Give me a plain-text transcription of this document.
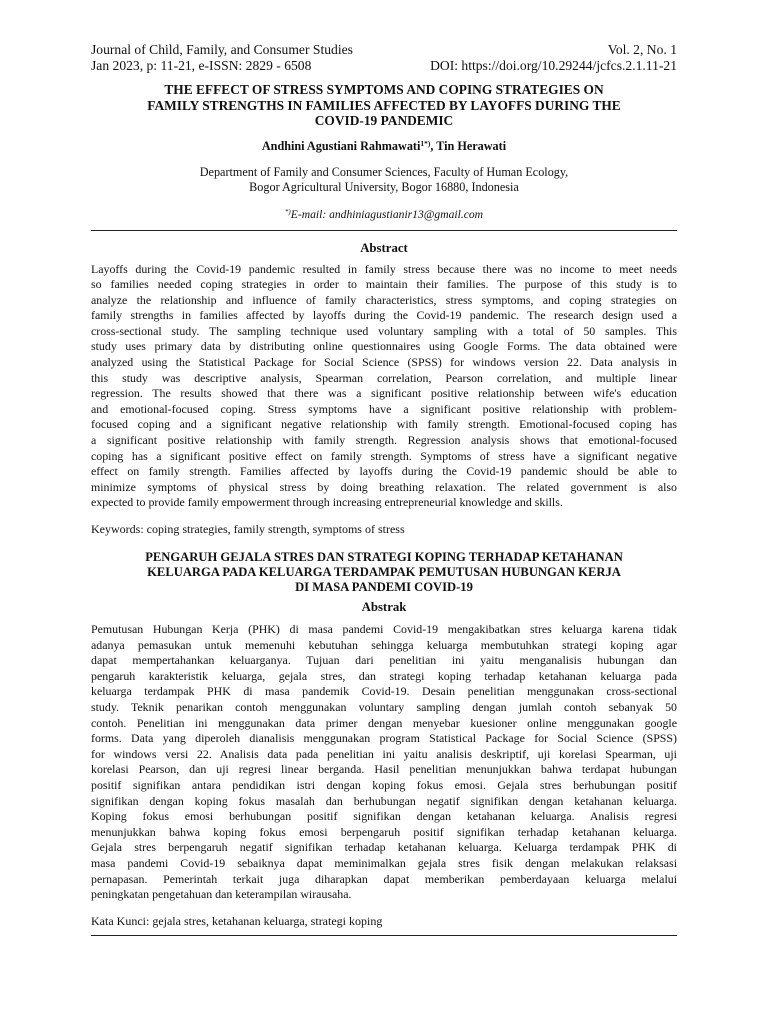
Journal of Child, Family, and Consumer Studies	Vol. 2, No. 1
Jan 2023, p: 11-21, e-ISSN: 2829 - 6508	DOI: https://doi.org/10.29244/jcfcs.2.1.11-21
THE EFFECT OF STRESS SYMPTOMS AND COPING STRATEGIES ON
FAMILY STRENGTHS IN FAMILIES AFFECTED BY LAYOFFS DURING THE
COVID-19 PANDEMIC
Andhini Agustiani Rahmawati$^{1*)}$, Tin Herawati
Department of Family and Consumer Sciences, Faculty of Human Ecology,
Bogor Agricultural University, Bogor 16880, Indonesia
*)E-mail: andhiniagustianir13@gmail.com
Abstract
Layoffs during the Covid-19 pandemic resulted in family stress because there was no income to meet needs
so families needed coping strategies in order to maintain their families. The purpose of this study is to
analyze the relationship and influence of family characteristics, stress symptoms, and coping strategies on
family strengths in families affected by layoffs during the Covid-19 pandemic. The research design used a
cross-sectional study. The sampling technique used voluntary sampling with a total of 50 samples. This
study uses primary data by distributing online questionnaires using Google Forms. The data obtained were
analyzed using the Statistical Package for Social Science (SPSS) for windows version 22. Data analysis in
this study was descriptive analysis, Spearman correlation, Pearson correlation, and multiple linear
regression. The results showed that there was a significant positive relationship between wife's education
and emotional-focused coping. Stress symptoms have a significant positive relationship with problem-
focused coping and a significant negative relationship with family strength. Emotional-focused coping has
a significant positive relationship with family strength. Regression analysis shows that emotional-focused
coping has a significant positive effect on family strength. Symptoms of stress have a significant negative
effect on family strength. Families affected by layoffs during the Covid-19 pandemic should be able to
minimize symptoms of physical stress by doing breathing relaxation. The related government is also
expected to provide family empowerment through increasing entrepreneurial knowledge and skills.
Keywords: coping strategies, family strength, symptoms of stress
PENGARUH GEJALA STRES DAN STRATEGI KOPING TERHADAP KETAHANAN
KELUARGA PADA KELUARGA TERDAMPAK PEMUTUSAN HUBUNGAN KERJA
DI MASA PANDEMI COVID-19
Abstrak
Pemutusan Hubungan Kerja (PHK) di masa pandemi Covid-19 mengakibatkan stres keluarga karena tidak
adanya pemasukan untuk memenuhi kebutuhan sehingga keluarga membutuhkan strategi koping agar
dapat mempertahankan keluarganya. Tujuan dari penelitian ini yaitu menganalisis hubungan dan
pengaruh karakteristik keluarga, gejala stres, dan strategi koping terhadap ketahanan keluarga pada
keluarga terdampak PHK di masa pandemik Covid-19. Desain penelitian menggunakan cross-sectional
study. Teknik penarikan contoh menggunakan voluntary sampling dengan jumlah contoh sebanyak 50
contoh. Penelitian ini menggunakan data primer dengan menyebar kuesioner online menggunakan google
forms. Data yang diperoleh dianalisis menggunakan program Statistical Package for Social Science (SPSS)
for windows versi 22. Analisis data pada penelitian ini yaitu analisis deskriptif, uji korelasi Spearman, uji
korelasi Pearson, dan uji regresi linear berganda. Hasil penelitian menunjukkan bahwa terdapat hubungan
positif signifikan antara pendidikan istri dengan koping fokus emosi. Gejala stres berhubungan positif
signifikan dengan koping fokus masalah dan berhubungan negatif signifikan dengan ketahanan keluarga.
Koping fokus emosi berhubungan positif signifikan dengan ketahanan keluarga. Analisis regresi
menunjukkan bahwa koping fokus emosi berpengaruh positif signifikan terhadap ketahanan keluarga.
Gejala stres berpengaruh negatif signifikan terhadap ketahanan keluarga. Keluarga terdampak PHK di
masa pandemi Covid-19 sebaiknya dapat meminimalkan gejala stres fisik dengan melakukan relaksasi
pernapasan. Pemerintah terkait juga diharapkan dapat memberikan pemberdayaan keluarga melalui
peningkatan pengetahuan dan keterampilan wirausaha.
Kata Kunci: gejala stres, ketahanan keluarga, strategi koping
